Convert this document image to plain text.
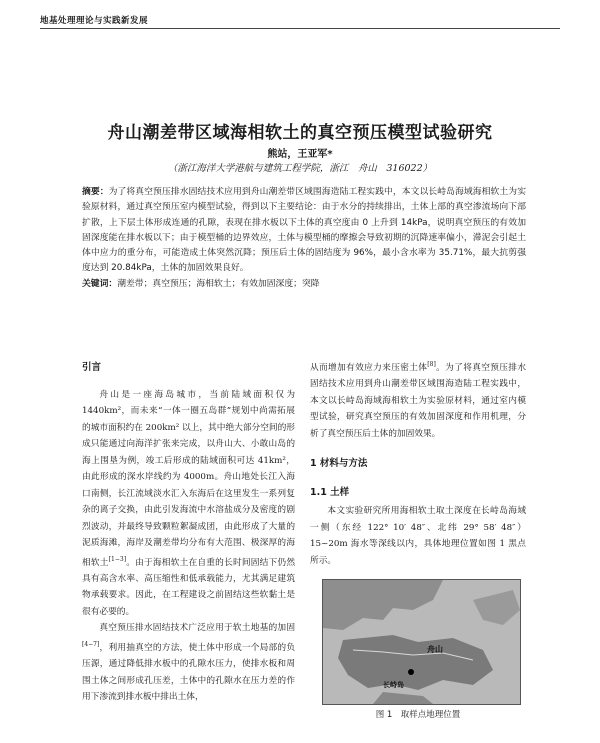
地基处理理论与实践新发展
舟山潮差带区域海相软土的真空预压模型试验研究
熊站，王亚军*
（浙江海洋大学港航与建筑工程学院，浙江　舟山　316022）
摘要：为了将真空预压排水固结技术应用到舟山潮差带区域围海造陆工程实践中，本文以长峙岛海域海相软土为实验原材料，通过真空预压室内模型试验，得到以下主要结论：由于水分的持续排出，土体上部的真空渗流场向下部扩散，上下层土体形成连通的孔隙，表现在排水板以下土体的真空度由 0 上升到 14kPa，说明真空预压的有效加固深度能在排水板以下；由于模型桶的边界效应，土体与模型桶的摩擦会导致初期的沉降速率偏小，滞泥会引起土体中应力的重分布，可能造成土体突然沉降；预压后土体的固结度为 96%，最小含水率为 35.71%，最大抗剪强度达到 20.84kPa，土体的加固效果良好。
关键词：潮差带；真空预压；海相软土；有效加固深度；突降
引言

舟山是一座海岛城市，当前陆域面积仅为 1440km²，而未来“一体一圈五岛群”规划中尚需拓展的城市面积约在 200km² 以上，其中绝大部分空间的形成只能通过向海洋扩张来完成，以舟山大、小敢山岛的海上围垦为例，竣工后形成的陆域面积可达 41km²，由此形成的深水岸线约为 4000m。舟山地处长江入海口南侧，长江流域淡水汇入东海后在这里发生一系列复杂的离子交换，由此引发海流中水溶盐成分及密度的剧烈波动，并最终导致颗粒絮凝成团，由此形成了大量的泥质海滩，海岸及潮差带均分布有大范围、极深厚的海相软土[1−3]。由于海相软土在自重的长时间固结下仍然具有高含水率、高压缩性和低承载能力，尤其满足建筑物承载要求。因此，在工程建设之前固结这些软黏土是很有必要的。

真空预压排水固结技术广泛应用于软土地基的加固[4−7]，利用抽真空的方法，使土体中形成一个局部的负压源，通过降低排水板中的孔隙水压力，使排水板和周围土体之间形成孔压差，土体中的孔隙水在压力差的作用下渗流到排水板中排出土体，

从而增加有效应力来压密土体[8]。为了将真空预压排水固结技术应用到舟山潮差带区域围海造陆工程实践中，本文以长峙岛海域海相软土为实验原材料，通过室内模型试验，研究真空预压的有效加固深度和作用机理，分析了真空预压后土体的加固效果。

1 材料与方法
1.1 土样

本文实验研究所用海相软土取土深度在长峙岛海域一侧（东经 122° 10′ 48″、北纬 29° 58′ 48″）15~20m 海水等深线以内，具体地理位置如图 1 黑点所示。

舟山
长峙岛
图 1　取样点地理位置
